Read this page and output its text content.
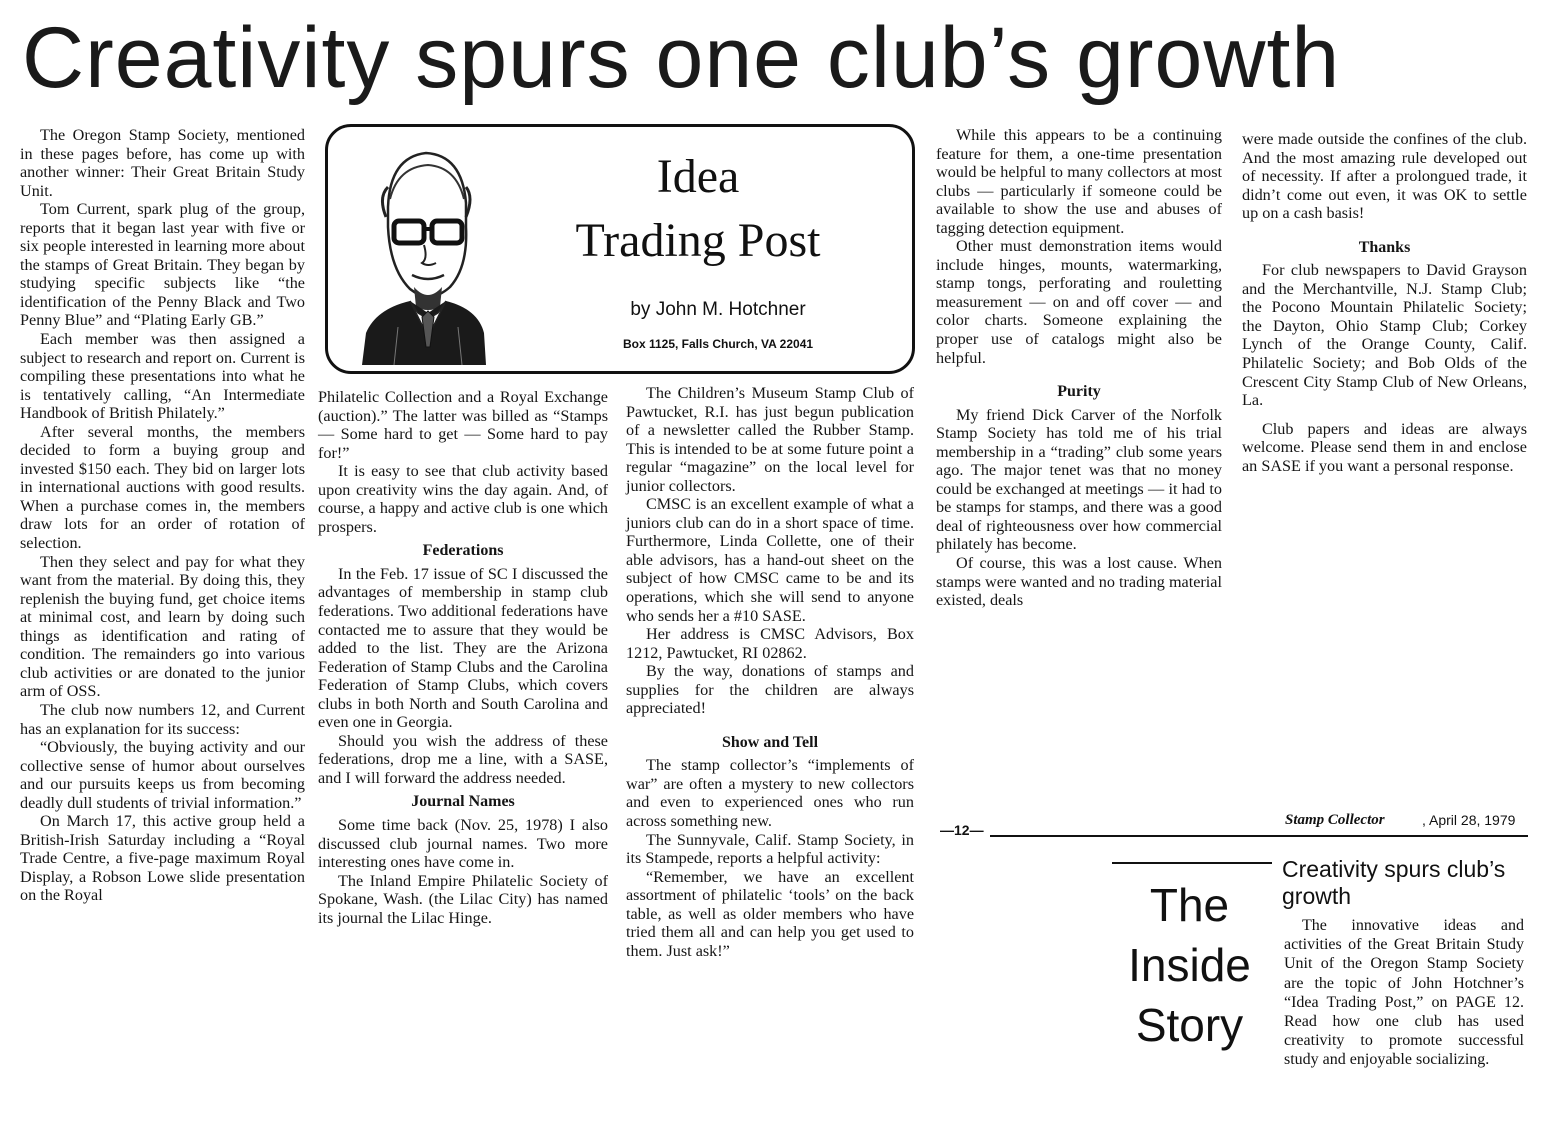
Creativity spurs one club’s growth

The Oregon Stamp Society, mentioned in these pages before, has come up with another winner: Their Great Britain Study Unit.

Tom Current, spark plug of the group, reports that it began last year with five or six people interested in learning more about the stamps of Great Britain. They began by studying specific subjects like “the identification of the Penny Black and Two Penny Blue” and “Plating Early GB.”

Each member was then assigned a subject to research and report on. Current is compiling these presentations into what he is tentatively calling, “An Intermediate Handbook of British Philately.”

After several months, the members decided to form a buying group and invested $150 each. They bid on larger lots in international auctions with good results. When a purchase comes in, the members draw lots for an order of rotation of selection.

Then they select and pay for what they want from the material. By doing this, they replenish the buying fund, get choice items at minimal cost, and learn by doing such things as identification and rating of condition. The remainders go into various club activities or are donated to the junior arm of OSS.

The club now numbers 12, and Current has an explanation for its success:

“Obviously, the buying activity and our collective sense of humor about ourselves and our pursuits keeps us from becoming deadly dull students of trivial information.”

On March 17, this active group held a British-Irish Saturday including a “Royal Trade Centre, a five-page maximum Royal Display, a Robson Lowe slide presentation on the Royal

Idea
Trading Post
by John M. Hotchner
Box 1125, Falls Church, VA 22041

Philatelic Collection and a Royal Exchange (auction).” The latter was billed as “Stamps — Some hard to get — Some hard to pay for!”

It is easy to see that club activity based upon creativity wins the day again. And, of course, a happy and active club is one which prospers.

Federations

In the Feb. 17 issue of SC I discussed the advantages of membership in stamp club federations. Two additional federations have contacted me to assure that they would be added to the list. They are the Arizona Federation of Stamp Clubs and the Carolina Federation of Stamp Clubs, which covers clubs in both North and South Carolina and even one in Georgia.

Should you wish the address of these federations, drop me a line, with a SASE, and I will forward the address needed.

Journal Names

Some time back (Nov. 25, 1978) I also discussed club journal names. Two more interesting ones have come in.

The Inland Empire Philatelic Society of Spokane, Wash. (the Lilac City) has named its journal the Lilac Hinge.

The Children’s Museum Stamp Club of Pawtucket, R.I. has just begun publication of a newsletter called the Rubber Stamp. This is intended to be at some future point a regular “magazine” on the local level for junior collectors.

CMSC is an excellent example of what a juniors club can do in a short space of time. Furthermore, Linda Collette, one of their able advisors, has a hand-out sheet on the subject of how CMSC came to be and its operations, which she will send to anyone who sends her a #10 SASE.

Her address is CMSC Advisors, Box 1212, Pawtucket, RI 02862.

By the way, donations of stamps and supplies for the children are always appreciated!

Show and Tell

The stamp collector’s “implements of war” are often a mystery to new collectors and even to experienced ones who run across something new.

The Sunnyvale, Calif. Stamp Society, in its Stampede, reports a helpful activity:

“Remember, we have an excellent assortment of philatelic ‘tools’ on the back table, as well as older members who have tried them all and can help you get used to them. Just ask!”

While this appears to be a continuing feature for them, a one-time presentation would be helpful to many collectors at most clubs — particularly if someone could be available to show the use and abuses of tagging detection equipment.

Other must demonstration items would include hinges, mounts, watermarking, stamp tongs, perforating and rouletting measurement — on and off cover — and color charts. Someone explaining the proper use of catalogs might also be helpful.

Purity

My friend Dick Carver of the Norfolk Stamp Society has told me of his trial membership in a “trading” club some years ago. The major tenet was that no money could be exchanged at meetings — it had to be stamps for stamps, and there was a good deal of righteousness over how commercial philately has become.

Of course, this was a lost cause. When stamps were wanted and no trading material existed, deals

were made outside the confines of the club. And the most amazing rule developed out of necessity. If after a prolongued trade, it didn’t come out even, it was OK to settle up on a cash basis!

Thanks

For club newspapers to David Grayson and the Merchantville, N.J. Stamp Club; the Pocono Mountain Philatelic Society; the Dayton, Ohio Stamp Club; Corkey Lynch of the Orange County, Calif. Philatelic Society; and Bob Olds of the Crescent City Stamp Club of New Orleans, La.

Club papers and ideas are always welcome. Please send them in and enclose an SASE if you want a personal response.

—12—
Stamp Collector	, April 28, 1979
The
Inside
Story
Creativity spurs club’s growth

The innovative ideas and activities of the Great Britain Study Unit of the Oregon Stamp Society are the topic of John Hotchner’s “Idea Trading Post,” on PAGE 12. Read how one club has used creativity to promote successful study and enjoyable socializing.
